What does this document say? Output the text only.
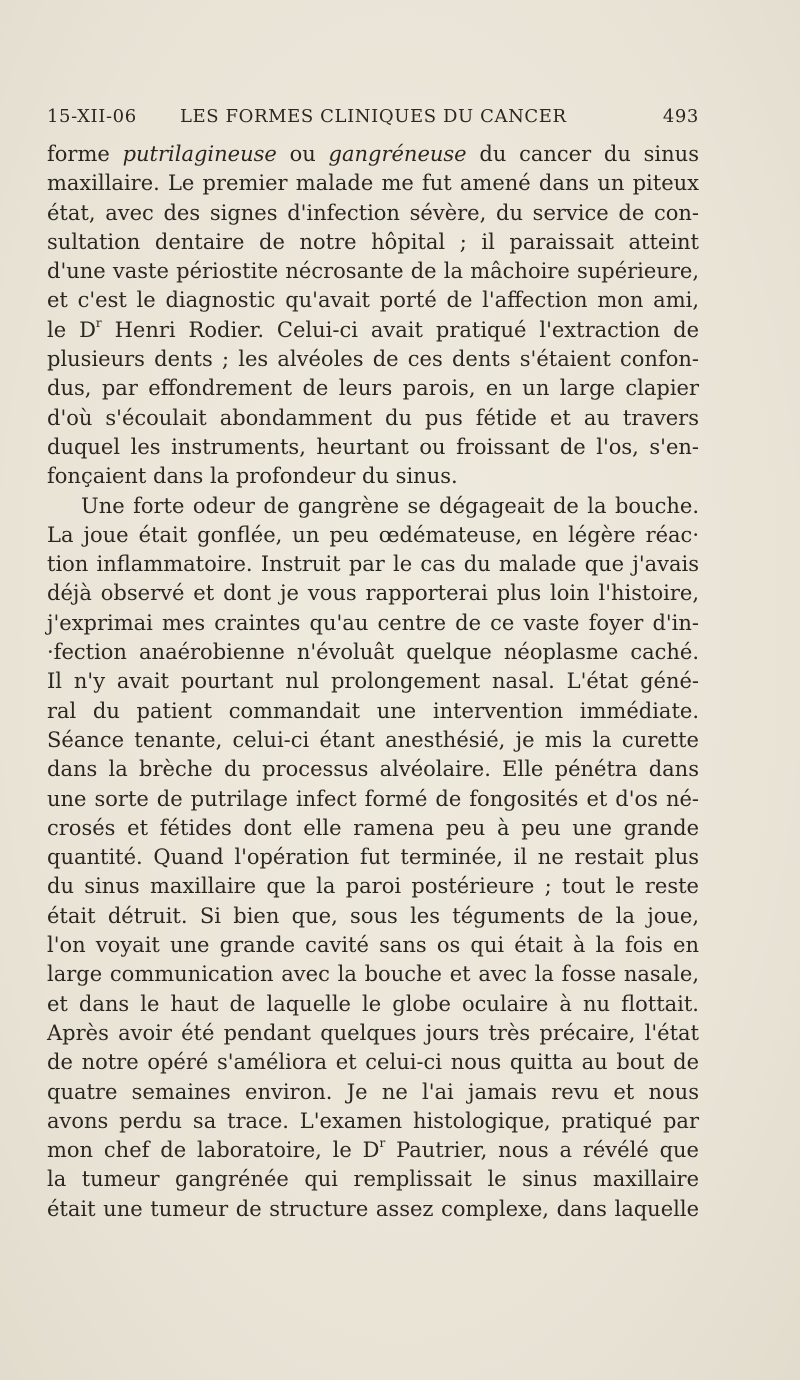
15-XII-06 LES FORMES CLINIQUES DU CANCER	493
forme putrilagineuse ou gangréneuse du cancer du sinus
maxillaire. Le premier malade me fut amené dans un piteux
état, avec des signes d'infection sévère, du service de con-
sultation dentaire de notre hôpital ; il paraissait atteint
d'une vaste périostite nécrosante de la mâchoire supérieure,
et c'est le diagnostic qu'avait porté de l'affection mon ami,
le $D^r$ Henri Rodier. Celui-ci avait pratiqué l'extraction de
plusieurs dents ; les alvéoles de ces dents s'étaient confon-
dus, par effondrement de leurs parois, en un large clapier
d'où s'écoulait abondamment du pus fétide et au travers
duquel les instruments, heurtant ou froissant de l'os, s'en-
fonçaient dans la profondeur du sinus.
Une forte odeur de gangrène se dégageait de la bouche.
La joue était gonflée, un peu œdémateuse, en légère réac·
tion inflammatoire. Instruit par le cas du malade que j'avais
déjà observé et dont je vous rapporterai plus loin l'histoire,
j'exprimai mes craintes qu'au centre de ce vaste foyer d'in-
·fection anaérobienne n'évoluât quelque néoplasme caché.
Il n'y avait pourtant nul prolongement nasal. L'état géné-
ral du patient commandait une intervention immédiate.
Séance tenante, celui-ci étant anesthésié, je mis la curette
dans la brèche du processus alvéolaire. Elle pénétra dans
une sorte de putrilage infect formé de fongosités et d'os né-
crosés et fétides dont elle ramena peu à peu une grande
quantité. Quand l'opération fut terminée, il ne restait plus
du sinus maxillaire que la paroi postérieure ; tout le reste
était détruit. Si bien que, sous les téguments de la joue,
l'on voyait une grande cavité sans os qui était à la fois en
large communication avec la bouche et avec la fosse nasale,
et dans le haut de laquelle le globe oculaire à nu flottait.
Après avoir été pendant quelques jours très précaire, l'état
de notre opéré s'améliora et celui-ci nous quitta au bout de
quatre semaines environ. Je ne l'ai jamais revu et nous
avons perdu sa trace. L'examen histologique, pratiqué par
mon chef de laboratoire, le $D^r$ Pautrier, nous a révélé que
la tumeur gangrénée qui remplissait le sinus maxillaire
était une tumeur de structure assez complexe, dans laquelle
